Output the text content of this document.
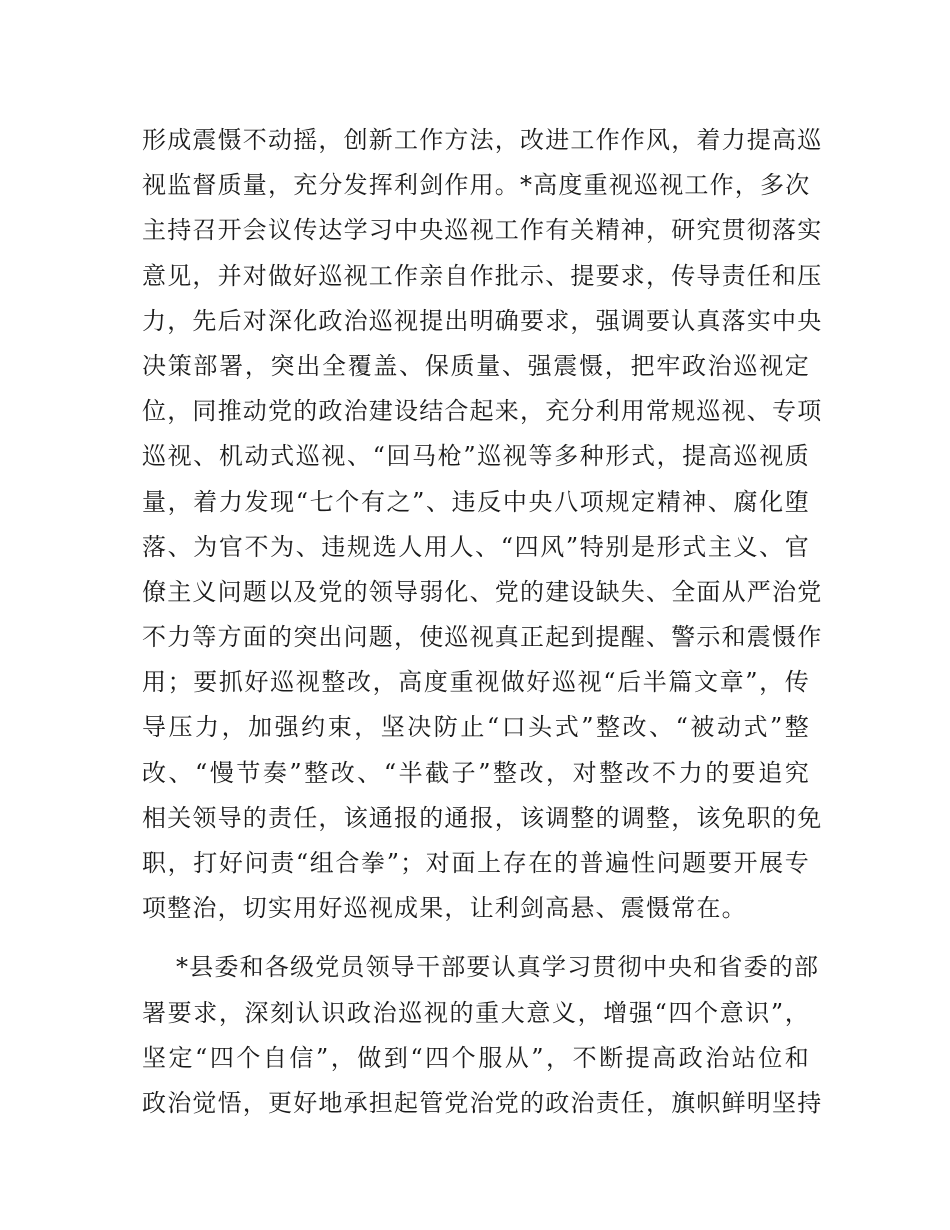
形成震慑不动摇，创新工作方法，改进工作作风，着力提高巡
视监督质量，充分发挥利剑作用。*高度重视巡视工作，多次
主持召开会议传达学习中央巡视工作有关精神，研究贯彻落实
意见，并对做好巡视工作亲自作批示、提要求，传导责任和压
力，先后对深化政治巡视提出明确要求，强调要认真落实中央
决策部署，突出全覆盖、保质量、强震慑，把牢政治巡视定
位，同推动党的政治建设结合起来，充分利用常规巡视、专项
巡视、机动式巡视、“回马枪”巡视等多种形式，提高巡视质
量，着力发现“七个有之”、违反中央八项规定精神、腐化堕
落、为官不为、违规选人用人、“四风”特别是形式主义、官
僚主义问题以及党的领导弱化、党的建设缺失、全面从严治党
不力等方面的突出问题，使巡视真正起到提醒、警示和震慑作
用；要抓好巡视整改，高度重视做好巡视“后半篇文章”，传
导压力，加强约束，坚决防止“口头式”整改、“被动式”整
改、“慢节奏”整改、“半截子”整改，对整改不力的要追究
相关领导的责任，该通报的通报，该调整的调整，该免职的免
职，打好问责“组合拳”；对面上存在的普遍性问题要开展专
项整治，切实用好巡视成果，让利剑高悬、震慑常在。
*县委和各级党员领导干部要认真学习贯彻中央和省委的部
署要求，深刻认识政治巡视的重大意义，增强“四个意识”，
坚定“四个自信”，做到“四个服从”，不断提高政治站位和
政治觉悟，更好地承担起管党治党的政治责任，旗帜鲜明坚持
